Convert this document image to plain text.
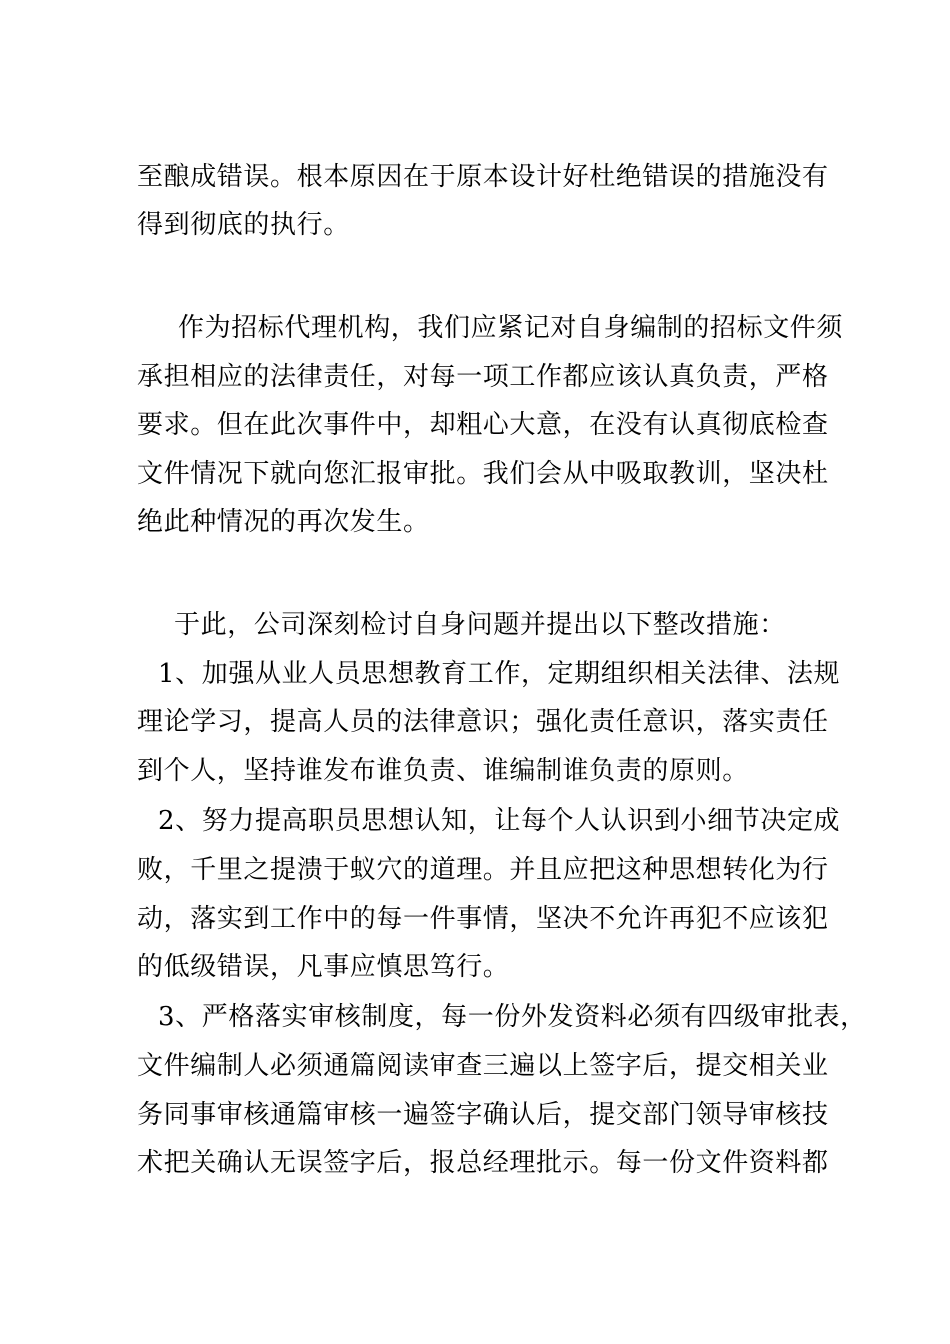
至酿成错误。根本原因在于原本设计好杜绝错误的措施没有
得到彻底的执行。
作为招标代理机构，我们应紧记对自身编制的招标文件须
承担相应的法律责任，对每一项工作都应该认真负责，严格
要求。但在此次事件中，却粗心大意，在没有认真彻底检查
文件情况下就向您汇报审批。我们会从中吸取教训，坚决杜
绝此种情况的再次发生。
于此，公司深刻检讨自身问题并提出以下整改措施：
1、加强从业人员思想教育工作，定期组织相关法律、法规
理论学习，提高人员的法律意识；强化责任意识，落实责任
到个人，坚持谁发布谁负责、谁编制谁负责的原则。
2、努力提高职员思想认知，让每个人认识到小细节决定成
败，千里之提溃于蚁穴的道理。并且应把这种思想转化为行
动，落实到工作中的每一件事情，坚决不允许再犯不应该犯
的低级错误，凡事应慎思笃行。
3、严格落实审核制度，每一份外发资料必须有四级审批表，
文件编制人必须通篇阅读审查三遍以上签字后，提交相关业
务同事审核通篇审核一遍签字确认后，提交部门领导审核技
术把关确认无误签字后，报总经理批示。每一份文件资料都
